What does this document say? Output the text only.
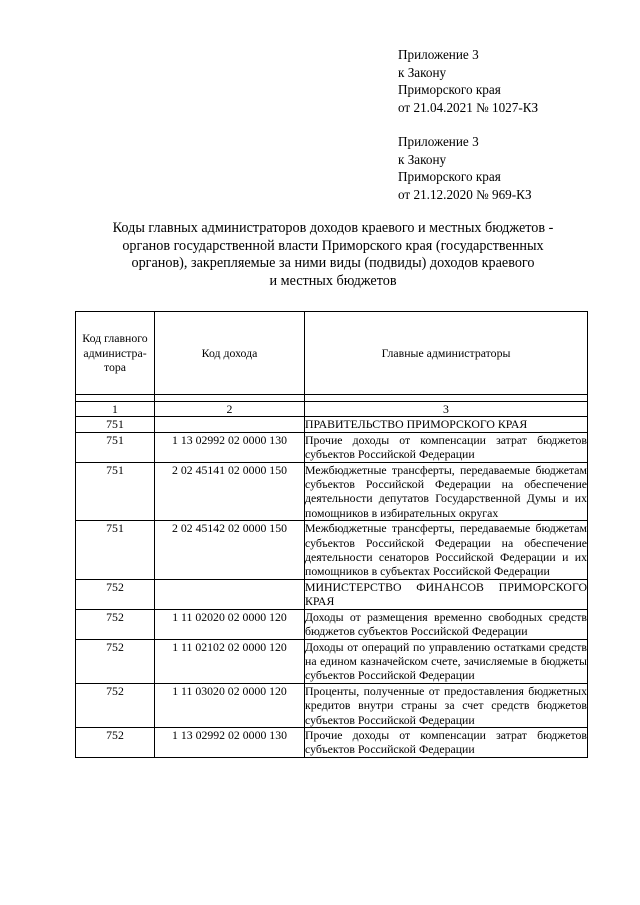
Приложение 3
к Закону
Приморского края
от 21.04.2021 № 1027-КЗ
Приложение 3
к Закону
Приморского края
от 21.12.2020 № 969-КЗ
Коды главных администраторов доходов краевого и местных бюджетов -
органов государственной власти Приморского края (государственных
органов), закрепляемые за ними виды (подвиды) доходов краевого
и местных бюджетов
Код главного администра-тора	Код дохода	Главные администраторы

1	2	3
751		ПРАВИТЕЛЬСТВО ПРИМОРСКОГО КРАЯ
751	1 13 02992 02 0000 130	Прочие доходы от компенсации затрат бюджетов субъектов Российской Федерации
751	2 02 45141 02 0000 150	Межбюджетные трансферты, передаваемые бюджетам субъектов Российской Федерации на обеспечение деятельности депутатов Государственной Думы и их помощников в избирательных округах
751	2 02 45142 02 0000 150	Межбюджетные трансферты, передаваемые бюджетам субъектов Российской Федерации на обеспечение деятельности сенаторов Российской Федерации и их помощников в субъектах Российской Федерации
752		МИНИСТЕРСТВО ФИНАНСОВ ПРИМОРСКОГО КРАЯ
752	1 11 02020 02 0000 120	Доходы от размещения временно свободных средств бюджетов субъектов Российской Федерации
752	1 11 02102 02 0000 120	Доходы от операций по управлению остатками средств на едином казначейском счете, зачисляемые в бюджеты субъектов Российской Федерации
752	1 11 03020 02 0000 120	Проценты, полученные от предоставления бюджетных кредитов внутри страны за счет средств бюджетов субъектов Российской Федерации
752	1 13 02992 02 0000 130	Прочие доходы от компенсации затрат бюджетов субъектов Российской Федерации
